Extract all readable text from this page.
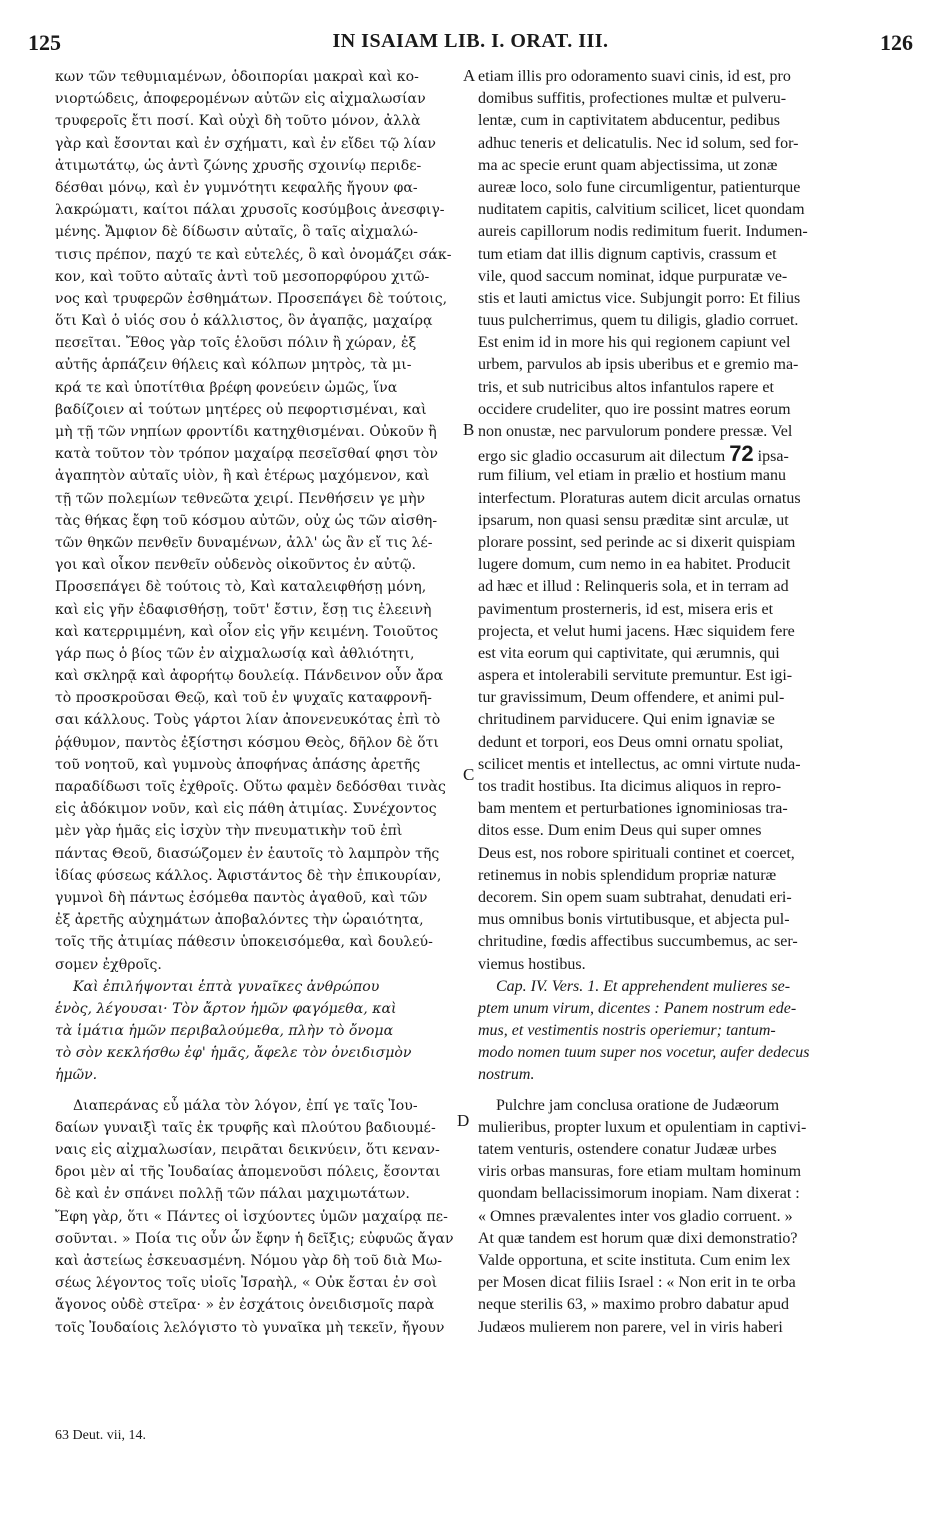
125	IN ISAIAM LIB. I. ORAT. III.	126
A
B
C
D
κων τῶν τεθυμιαμένων, ὁδοιπορίαι μακραὶ καὶ κο-
νιορτώδεις, ἀποφερομένων αὐτῶν εἰς αἰχμαλωσίαν
τρυφεροῖς ἔτι ποσί. Καὶ οὐχὶ δὴ τοῦτο μόνον, ἀλλὰ
γὰρ καὶ ἔσονται καὶ ἐν σχήματι, καὶ ἐν εἴδει τῷ λίαν
ἀτιμωτάτῳ, ὡς ἀντὶ ζώνης χρυσῆς σχοινίῳ περιδε-
δέσθαι μόνῳ, καὶ ἐν γυμνότητι κεφαλῆς ἤγουν φα-
λακρώματι, καίτοι πάλαι χρυσοῖς κοσύμβοις ἀνεσφιγ-
μένης. Ἄμφιον δὲ δίδωσιν αὐταῖς, ὃ ταῖς αἰχμαλώ-
τισις πρέπον, παχύ τε καὶ εὐτελές, ὃ καὶ ὀνομάζει σάκ-
κον, καὶ τοῦτο αὐταῖς ἀντὶ τοῦ μεσοπορφύρου χιτῶ-
νος καὶ τρυφερῶν ἐσθημάτων. Προσεπάγει δὲ τούτοις,
ὅτι Καὶ ὁ υἱός σου ὁ κάλλιστος, ὃν ἀγαπᾷς, μαχαίρᾳ
πεσεῖται. Ἔθος γὰρ τοῖς ἑλοῦσι πόλιν ἢ χώραν, ἐξ
αὐτῆς ἁρπάζειν θήλεις καὶ κόλπων μητρὸς, τὰ μι-
κρά τε καὶ ὑποτίτθια βρέφη φονεύειν ὠμῶς, ἵνα
βαδίζοιεν αἱ τούτων μητέρες οὐ πεφορτισμέναι, καὶ
μὴ τῇ τῶν νηπίων φροντίδι κατηχθισμέναι. Οὐκοῦν ἢ
κατὰ τοῦτον τὸν τρόπον μαχαίρᾳ πεσεῖσθαί φησι τὸν
ἀγαπητὸν αὐταῖς υἱὸν, ἢ καὶ ἑτέρως μαχόμενον, καὶ
τῇ τῶν πολεμίων τεθνεῶτα χειρί. Πενθήσειν γε μὴν
τὰς θήκας ἔφη τοῦ κόσμου αὐτῶν, οὐχ ὡς τῶν αἰσθη-
τῶν θηκῶν πενθεῖν δυναμένων, ἀλλ' ὡς ἂν εἴ τις λέ-
γοι καὶ οἶκον πενθεῖν οὐδενὸς οἰκοῦντος ἐν αὐτῷ.
Προσεπάγει δὲ τούτοις τὸ, Καὶ καταλειφθήσῃ μόνη,
καὶ εἰς γῆν ἐδαφισθήσῃ, τοῦτ' ἔστιν, ἔσῃ τις ἐλεεινὴ
καὶ κατερριμμένη, καὶ οἷον εἰς γῆν κειμένη. Τοιοῦτος
γάρ πως ὁ βίος τῶν ἐν αἰχμαλωσίᾳ καὶ ἀθλιότητι,
καὶ σκληρᾷ καὶ ἀφορήτῳ δουλείᾳ. Πάνδεινον οὖν ἄρα
τὸ προσκροῦσαι Θεῷ, καὶ τοῦ ἐν ψυχαῖς καταφρονῆ-
σαι κάλλους. Τοὺς γάρτοι λίαν ἀπονενευκότας ἐπὶ τὸ
ῥᾴθυμον, παντὸς ἐξίστησι κόσμου Θεὸς, δῆλον δὲ ὅτι
τοῦ νοητοῦ, καὶ γυμνοὺς ἀποφήνας ἁπάσης ἀρετῆς
παραδίδωσι τοῖς ἐχθροῖς. Οὕτω φαμὲν δεδόσθαι τινὰς
εἰς ἀδόκιμον νοῦν, καὶ εἰς πάθη ἀτιμίας. Συνέχοντος
μὲν γὰρ ἡμᾶς εἰς ἰσχὺν τὴν πνευματικὴν τοῦ ἐπὶ
πάντας Θεοῦ, διασώζομεν ἐν ἑαυτοῖς τὸ λαμπρὸν τῆς
ἰδίας φύσεως κάλλος. Ἀφιστάντος δὲ τὴν ἐπικουρίαν,
γυμνοὶ δὴ πάντως ἐσόμεθα παντὸς ἀγαθοῦ, καὶ τῶν
ἐξ ἀρετῆς αὐχημάτων ἀποβαλόντες τὴν ὡραιότητα,
τοῖς τῆς ἀτιμίας πάθεσιν ὑποκεισόμεθα, καὶ δουλεύ-
σομεν ἐχθροῖς.
Καὶ ἐπιλήψονται ἑπτὰ γυναῖκες ἀνθρώπου
ἑνὸς, λέγουσαι· Τὸν ἄρτον ἡμῶν φαγόμεθα, καὶ
τὰ ἱμάτια ἡμῶν περιβαλούμεθα, πλὴν τὸ ὄνομα
τὸ σὸν κεκλήσθω ἐφ' ἡμᾶς, ἄφελε τὸν ὀνειδισμὸν
ἡμῶν.
Διαπεράνας εὖ μάλα τὸν λόγον, ἐπί γε ταῖς Ἰου-
δαίων γυναιξὶ ταῖς ἐκ τρυφῆς καὶ πλούτου βαδιουμέ-
ναις εἰς αἰχμαλωσίαν, πειρᾶται δεικνύειν, ὅτι κεναν-
δροι μὲν αἱ τῆς Ἰουδαίας ἀπομενοῦσι πόλεις, ἔσονται
δὲ καὶ ἐν σπάνει πολλῇ τῶν πάλαι μαχιμωτάτων.
Ἔφη γὰρ, ὅτι « Πάντες οἱ ἰσχύοντες ὑμῶν μαχαίρᾳ πε-
σοῦνται. » Ποία τις οὖν ὧν ἔφην ἡ δεῖξις; εὐφυῶς ἄγαν
καὶ ἀστείως ἐσκευασμένη. Νόμου γὰρ δὴ τοῦ διὰ Μω-
σέως λέγοντος τοῖς υἱοῖς Ἰσραὴλ, « Οὐκ ἔσται ἐν σοὶ
ἄγονος οὐδὲ στεῖρα· » ἐν ἐσχάτοις ὀνειδισμοῖς παρὰ
τοῖς Ἰουδαίοις λελόγιστο τὸ γυναῖκα μὴ τεκεῖν, ἤγουν
etiam illis pro odoramento suavi cinis, id est, pro
domibus suffitis, profectiones multæ et pulveru-
lentæ, cum in captivitatem abducentur, pedibus
adhuc teneris et delicatulis. Nec id solum, sed for-
ma ac specie erunt quam abjectissima, ut zonæ
aureæ loco, solo fune circumligentur, patienturque
nuditatem capitis, calvitium scilicet, licet quondam
aureis capillorum nodis redimitum fuerit. Indumen-
tum etiam dat illis dignum captivis, crassum et
vile, quod saccum nominat, idque purpuratæ ve-
stis et lauti amictus vice. Subjungit porro: Et filius
tuus pulcherrimus, quem tu diligis, gladio corruet.
Est enim id in more his qui regionem capiunt vel
urbem, parvulos ab ipsis uberibus et e gremio ma-
tris, et sub nutricibus altos infantulos rapere et
occidere crudeliter, quo ire possint matres eorum
non onustæ, nec parvulorum pondere pressæ. Vel
ergo sic gladio occasurum ait dilectum 72 ipsa-
rum filium, vel etiam in prælio et hostium manu
interfectum. Ploraturas autem dicit arculas ornatus
ipsarum, non quasi sensu præditæ sint arculæ, ut
plorare possint, sed perinde ac si dixerit quispiam
lugere domum, cum nemo in ea habitet. Producit
ad hæc et illud : Relinqueris sola, et in terram ad
pavimentum prosterneris, id est, misera eris et
projecta, et velut humi jacens. Hæc siquidem fere
est vita eorum qui captivitate, qui ærumnis, qui
aspera et intolerabili servitute premuntur. Est igi-
tur gravissimum, Deum offendere, et animi pul-
chritudinem parviducere. Qui enim ignaviæ se
dedunt et torpori, eos Deus omni ornatu spoliat,
scilicet mentis et intellectus, ac omni virtute nuda-
tos tradit hostibus. Ita dicimus aliquos in repro-
bam mentem et perturbationes ignominiosas tra-
ditos esse. Dum enim Deus qui super omnes
Deus est, nos robore spirituali continet et coercet,
retinemus in nobis splendidum propriæ naturæ
decorem. Sin opem suam subtrahat, denudati eri-
mus omnibus bonis virtutibusque, et abjecta pul-
chritudine, fœdis affectibus succumbemus, ac ser-
viemus hostibus.
Cap. IV. Vers. 1. Et apprehendent mulieres se-
ptem unum virum, dicentes : Panem nostrum ede-
mus, et vestimentis nostris operiemur; tantum-
modo nomen tuum super nos vocetur, aufer dedecus
nostrum.
Pulchre jam conclusa oratione de Judæorum
mulieribus, propter luxum et opulentiam in captivi-
tatem venturis, ostendere conatur Judææ urbes
viris orbas mansuras, fore etiam multam hominum
quondam bellacissimorum inopiam. Nam dixerat :
« Omnes prævalentes inter vos gladio corruent. »
At quæ tandem est horum quæ dixi demonstratio?
Valde opportuna, et scite instituta. Cum enim lex
per Mosen dicat filiis Israel : « Non erit in te orba
neque sterilis 63, » maximo probro dabatur apud
Judæos mulierem non parere, vel in viris haberi
63 Deut. vii, 14.
